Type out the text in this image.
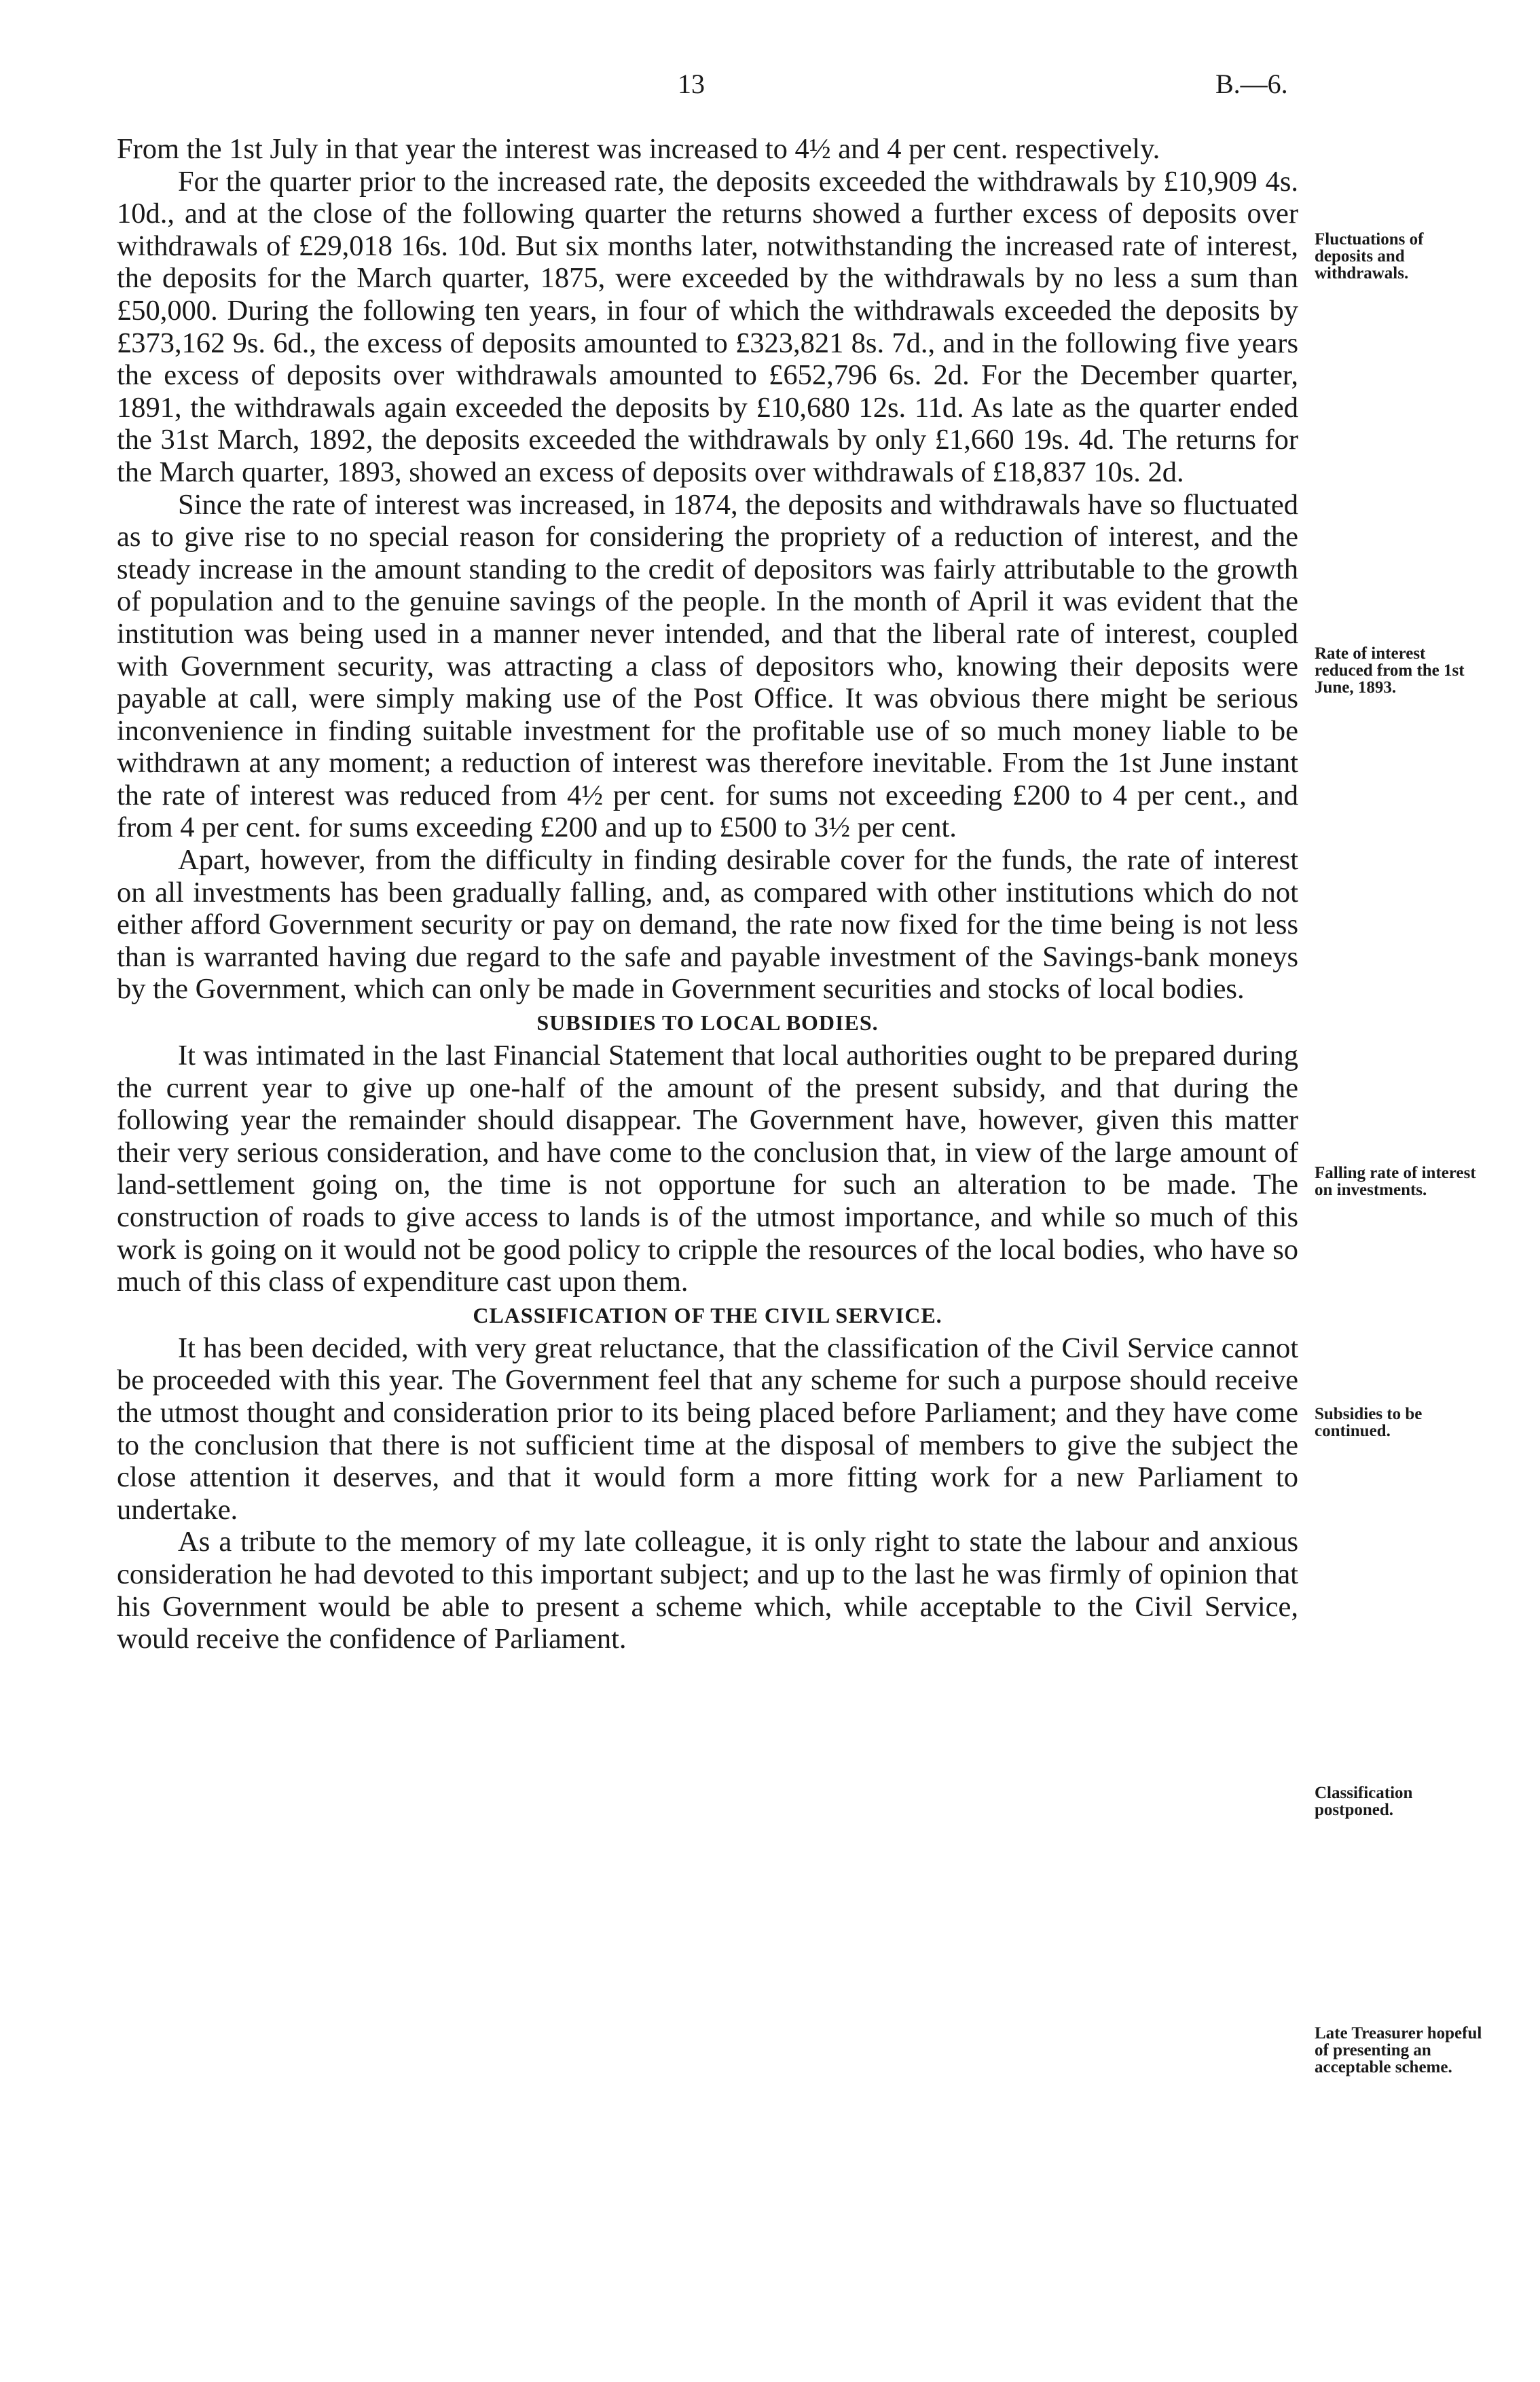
13	B.—6.

From the 1st July in that year the interest was increased to 4½ and 4 per cent. respectively.

For the quarter prior to the increased rate, the deposits exceeded the withdrawals by £10,909 4s. 10d., and at the close of the following quarter the returns showed a further excess of deposits over withdrawals of £29,018 16s. 10d. But six months later, notwithstanding the increased rate of interest, the deposits for the March quarter, 1875, were exceeded by the withdrawals by no less a sum than £50,000. During the following ten years, in four of which the withdrawals exceeded the deposits by £373,162 9s. 6d., the excess of deposits amounted to £323,821 8s. 7d., and in the following five years the excess of deposits over withdrawals amounted to £652,796 6s. 2d. For the December quarter, 1891, the withdrawals again exceeded the deposits by £10,680 12s. 11d. As late as the quarter ended the 31st March, 1892, the deposits exceeded the withdrawals by only £1,660 19s. 4d. The returns for the March quarter, 1893, showed an excess of deposits over withdrawals of £18,837 10s. 2d.

Since the rate of interest was increased, in 1874, the deposits and withdrawals have so fluctuated as to give rise to no special reason for considering the propriety of a reduction of interest, and the steady increase in the amount standing to the credit of depositors was fairly attributable to the growth of population and to the genuine savings of the people. In the month of April it was evident that the institution was being used in a manner never intended, and that the liberal rate of interest, coupled with Government security, was attracting a class of depositors who, knowing their deposits were payable at call, were simply making use of the Post Office. It was obvious there might be serious inconvenience in finding suitable investment for the profitable use of so much money liable to be withdrawn at any moment; a reduction of interest was therefore inevitable. From the 1st June instant the rate of interest was reduced from 4½ per cent. for sums not exceeding £200 to 4 per cent., and from 4 per cent. for sums exceeding £200 and up to £500 to 3½ per cent.

Apart, however, from the difficulty in finding desirable cover for the funds, the rate of interest on all investments has been gradually falling, and, as compared with other institutions which do not either afford Government security or pay on demand, the rate now fixed for the time being is not less than is warranted having due regard to the safe and payable investment of the Savings-bank moneys by the Government, which can only be made in Government securities and stocks of local bodies.

SUBSIDIES TO LOCAL BODIES.

It was intimated in the last Financial Statement that local authorities ought to be prepared during the current year to give up one-half of the amount of the present subsidy, and that during the following year the remainder should disappear. The Government have, however, given this matter their very serious consideration, and have come to the conclusion that, in view of the large amount of land-settlement going on, the time is not opportune for such an alteration to be made. The construction of roads to give access to lands is of the utmost importance, and while so much of this work is going on it would not be good policy to cripple the resources of the local bodies, who have so much of this class of expenditure cast upon them.

CLASSIFICATION OF THE CIVIL SERVICE.

It has been decided, with very great reluctance, that the classification of the Civil Service cannot be proceeded with this year. The Government feel that any scheme for such a purpose should receive the utmost thought and consideration prior to its being placed before Parliament; and they have come to the conclusion that there is not sufficient time at the disposal of members to give the subject the close attention it deserves, and that it would form a more fitting work for a new Parliament to undertake.

As a tribute to the memory of my late colleague, it is only right to state the labour and anxious consideration he had devoted to this important subject; and up to the last he was firmly of opinion that his Government would be able to present a scheme which, while acceptable to the Civil Service, would receive the confidence of Parliament.

Fluctuations of deposits and withdrawals.

Rate of interest reduced from the 1st June, 1893.

Falling rate of interest on investments.

Subsidies to be continued.

Classification postponed.

Late Treasurer hopeful of presenting an acceptable scheme.
